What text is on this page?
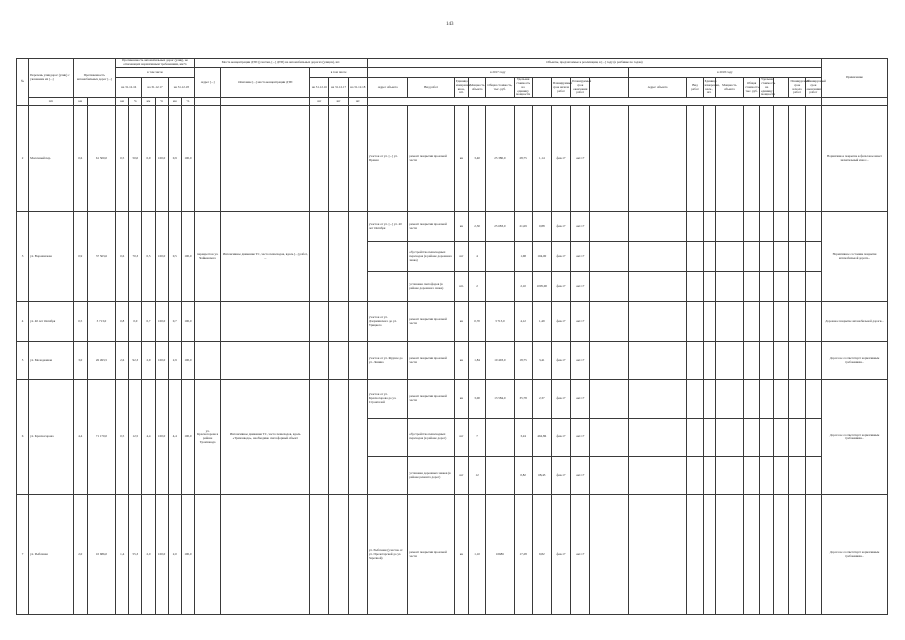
143
№	Перечень улицдорог (улиц) с указанием их [...]	Протяженность автомобильных дорог [...]		Протяженность автомобильных дорог (улиц), не отвечающих нормативным требованиям, км/%						Места концентрации ДТП (участки, [...] ДТП) на автомобильных дорогах (улицах), шт.					Объекты, предлагаемые к реализации, в [...] году (в разбивке по годам)																			Примечание
				в том числе						Адрес [...]	Описание [...] места концентрации ДТП	в том числе			в 2017 году										в 2018 году									
				на 31.12.16		на 31.12.17		на 31.12.18				на 31.12.16	на 31.12.17	на 31.12.18	Адрес объекта	Вид работ	Единица измерения, кв.м., шт.	Мощность объекта	Общая стоимость, тыс. руб.	Удельная стоимость на единицу мощности		Планируемый срок начала работ	Планируемый срок окончания работ		Адрес объекта	Вид работ	Единица измерения, кв.м., шт.	Мощность объекта	Общая стоимость, тыс. руб.	Удельная стоимость на единицу мощности		Планируемый срок начала работ	Планируемый срок окончания работ	
	п/п	км		км	%	км	%	км	%			шт	шт	шт																				
2	Молочный пер.	0,6	61 500,0	0,5	50,0	0,9	100,0	0,9	100,0						участок от ул. [...] ул. Правая	ремонт покрытия проезжей части	кв	3,40	25 380,0	28,75	1,14	фев.17	окт.17											Нормативное покрытие асфальтовое имеет значительный износ...
3	ул. Ворошилова	0,9	37 563,6	0,6	70,3	0,5	100,0	0,5	100,0	перекресток ул. Чайковского	Интенсивное движение ТС, часто пешеходов, вдоль [...] работ, ...				участок от ул. [...] ул. 40 лет Октября	ремонт покрытия проезжей части	кв	2,30	25 683,0	21,69	0,88	фев.17	окт.17											Нормативное состояние покрытия автомобильной дороги...
																обустройство пешеходных переходов (в районе дорожного знака)	шт	4		1,68	104,00	фев.17	окт.17											
																установка светофоров (в районе дорожного знака)	шт.	2		2,10	1005,00	фев.17	окт.17											
4	ул. 40 лет Октября	0,5	3 713,0	0,8	0,0	0,7	100,0	0,7	100,0						участок от ул. Дзержинского до ул. Урицкого	ремонт покрытия проезжей части	кв	0,70	3 713,0	4,12	1,49	фев.17	окт.17											Дорожное покрытие автомобильной дороги...
5	ул. Молодежная	3,0	26 493,5	2,6	92,3	2,9	100,0	2,9	100,0						участок от ул. Фрунзе до ул. Ленина	ремонт покрытия проезжей части	кв	1,84	10 493,0	18,75	3,41	фев.17	окт.17											Дорога не соответствует нормативным требованиям...
6	ул. Красногорова	4,4	71 170,0	0,5	12,5	4,4	100,0	4,4	100,0	ул. Красногорова в районе Трамзавода	Интенсивное движение ТС, часто пешеходов, вдоль «Трамзавода», необходимо светофорный объект				участок от ул. Красногорова до ул. Строителей	ремонт покрытия проезжей части	кв	3,00	13 584,0	35,78	2,37	фев.17	окт.17											Дорога не соответствует нормативным требованиям...
																обустройство пешеходных переходов (в районе дорог)	шт	7		3,24	462,86	фев.17	окт.17											
																установка дорожных знаков (в районе ремонта дорог)	шт	12		0,82	68,43	фев.17	окт.17											
7	ул. Рыбачная	2,0	10 686,0	1,4	55,3	2,0	100,0	2,0	100,0						ул. Рыбачная (участок от ул. Пролетарской до ул. Заречной)	ремонт покрытия проезжей части	кв	1,10	10686	17,28	9,82	фев.17	окт.17											Дорога не соответствует нормативным требованиям...
